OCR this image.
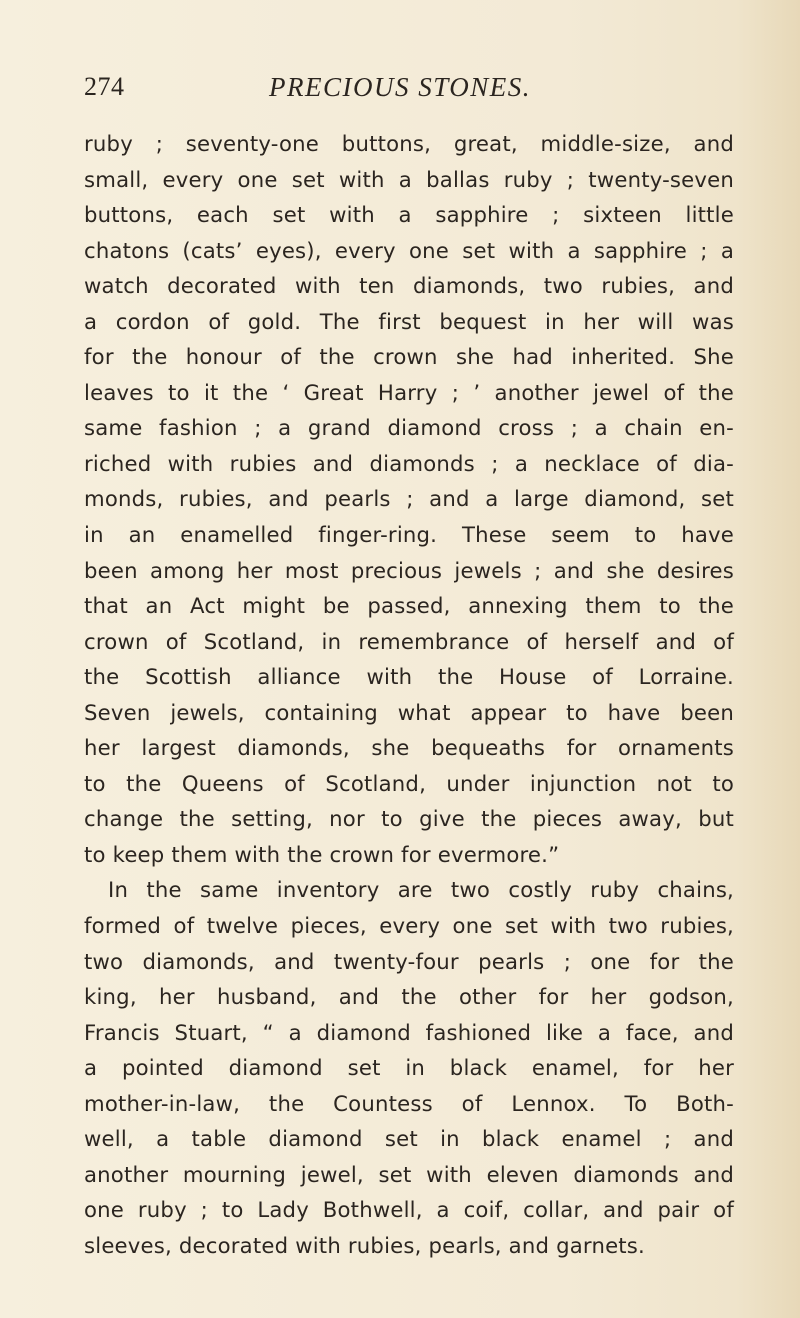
274	PRECIOUS STONES.
ruby ; seventy-one buttons, great, middle-size, and
small, every one set with a ballas ruby ; twenty-seven
buttons, each set with a sapphire ; sixteen little
chatons (cats’ eyes), every one set with a sapphire ; a
watch decorated with ten diamonds, two rubies, and
a cordon of gold. The first bequest in her will was
for the honour of the crown she had inherited. She
leaves to it the ‘ Great Harry ; ’ another jewel of the
same fashion ; a grand diamond cross ; a chain en-
riched with rubies and diamonds ; a necklace of dia-
monds, rubies, and pearls ; and a large diamond, set
in an enamelled finger-ring. These seem to have
been among her most precious jewels ; and she desires
that an Act might be passed, annexing them to the
crown of Scotland, in remembrance of herself and of
the Scottish alliance with the House of Lorraine.
Seven jewels, containing what appear to have been
her largest diamonds, she bequeaths for ornaments
to the Queens of Scotland, under injunction not to
change the setting, nor to give the pieces away, but
to keep them with the crown for evermore.”
In the same inventory are two costly ruby chains,
formed of twelve pieces, every one set with two rubies,
two diamonds, and twenty-four pearls ; one for the
king, her husband, and the other for her godson,
Francis Stuart, “ a diamond fashioned like a face, and
a pointed diamond set in black enamel, for her
mother-in-law, the Countess of Lennox. To Both-
well, a table diamond set in black enamel ; and
another mourning jewel, set with eleven diamonds and
one ruby ; to Lady Bothwell, a coif, collar, and pair of
sleeves, decorated with rubies, pearls, and garnets.
